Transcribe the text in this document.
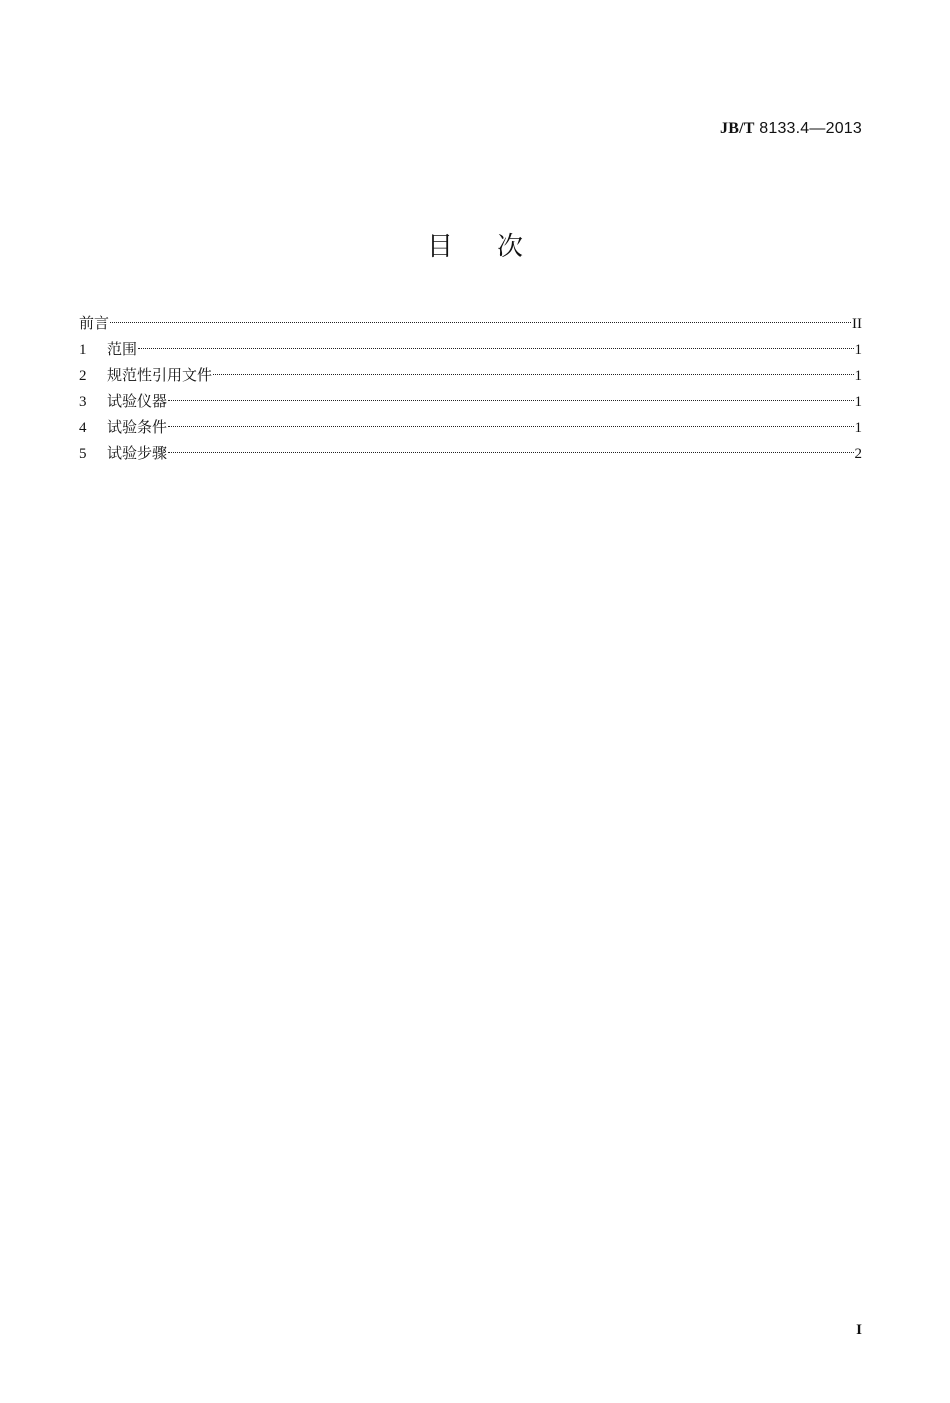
JB/T 8133.4—2013
目次
前言	II
1	范围	1
2	规范性引用文件	1
3	试验仪器	1
4	试验条件	1
5	试验步骤	2
I
